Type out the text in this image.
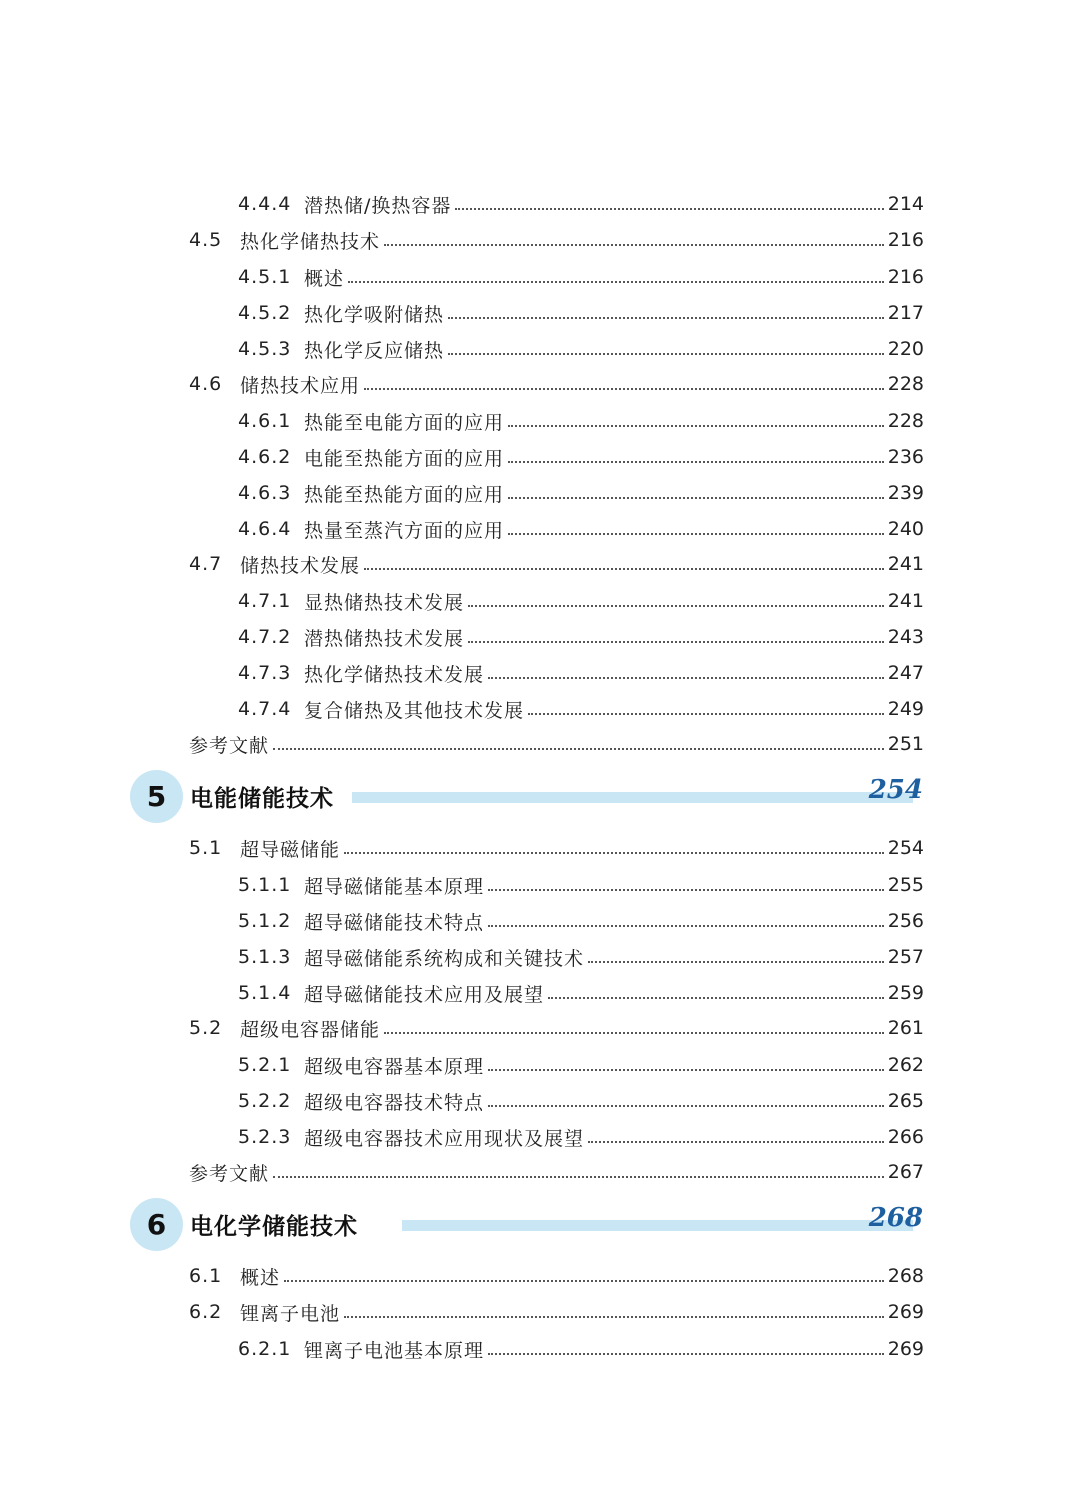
4.4.4 潜热储/换热容器	214
4.5 热化学储热技术	216
4.5.1 概述	216
4.5.2 热化学吸附储热	217
4.5.3 热化学反应储热	220
4.6 储热技术应用	228
4.6.1 热能至电能方面的应用	228
4.6.2 电能至热能方面的应用	236
4.6.3 热能至热能方面的应用	239
4.6.4 热量至蒸汽方面的应用	240
4.7 储热技术发展	241
4.7.1 显热储热技术发展	241
4.7.2 潜热储热技术发展	243
4.7.3 热化学储热技术发展	247
4.7.4 复合储热及其他技术发展	249
参考文献	251
5	电能储能技术	254
5.1 超导磁储能	254
5.1.1 超导磁储能基本原理	255
5.1.2 超导磁储能技术特点	256
5.1.3 超导磁储能系统构成和关键技术	257
5.1.4 超导磁储能技术应用及展望	259
5.2 超级电容器储能	261
5.2.1 超级电容器基本原理	262
5.2.2 超级电容器技术特点	265
5.2.3 超级电容器技术应用现状及展望	266
参考文献	267
6	电化学储能技术	268
6.1 概述	268
6.2 锂离子电池	269
6.2.1 锂离子电池基本原理	269
